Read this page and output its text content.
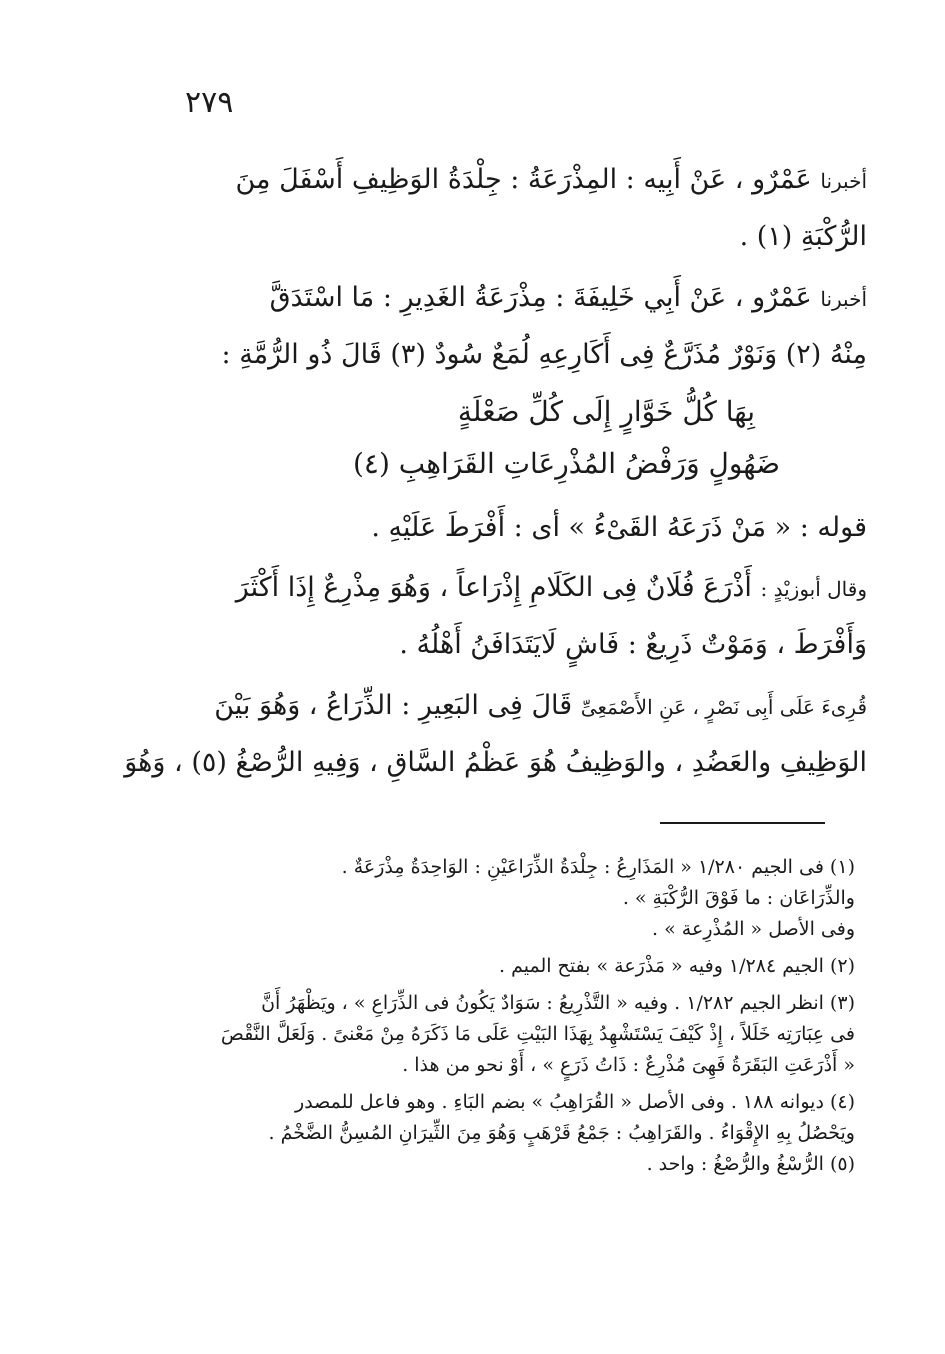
٢٧٩
أخبرنا عَمْرٌو ، عَنْ أَبِيه : المِذْرَعَةُ : جِلْدَةُ الوَظِيفِ أَسْفَلَ مِنَ
الرُّكْبَةِ (١) .
أخبرنا عَمْرٌو ، عَنْ أَبِي خَلِيفَةَ : مِذْرَعَةُ الغَدِيرِ : مَا اسْتَدَقَّ
مِنْهُ (٢) وَنَوْرٌ مُذَرَّعٌ فِى أَكَارِعِهِ لُمَعٌ سُودٌ (٣) قَالَ ذُو الرُّمَّةِ :
بِهَا كُلُّ خَوَّارٍ إِلَى كُلِّ صَعْلَةٍ
ضَهُولٍ وَرَفْضُ المُذْرِعَاتِ القَرَاهِبِ (٤)
قوله : « مَنْ ذَرَعَهُ القَىْءُ » أى : أَفْرَطَ عَلَيْهِ .
وقال أبوزيْدٍ : أَذْرَعَ فُلَانٌ فِى الكَلَامِ إِذْرَاعاً ، وَهُوَ مِذْرِعٌ إِذَا أَكْثَرَ
وَأَفْرَطَ ، وَمَوْتٌ ذَرِيعٌ : فَاشٍ لَايَتَدَافَنُ أَهْلُهُ .
قُرِىءَ عَلَى أَبِى نَصْرٍ ، عَنِ الأَصْمَعِىِّ قَالَ فِى البَعِيرِ : الذِّرَاعُ ، وَهُوَ بَيْنَ
الوَظِيفِ والعَضُدِ ، والوَظِيفُ هُوَ عَظْمُ السَّاقِ ، وَفِيهِ الرُّصْغُ (٥) ، وَهُوَ
(١) فى الجيم ١/٢٨٠ « المَذَارِعُ : جِلْدَةُ الذِّرَاعَيْنِ : الوَاحِدَةُ مِذْرَعَةٌ .
والذِّرَاعَان : ما فَوْقَ الرُّكْبَةِ » .
وفى الأصل « المُذْرِعة » .
(٢) الجيم ١/٢٨٤ وفيه « مَذْرَعة » بفتح الميم .
(٣) انظر الجيم ١/٢٨٢ . وفيه « التَّذْرِيعُ : سَوَادٌ يَكُونُ فى الذِّرَاعِ » ، ويَظْهَرُ أَنَّ
فى عِبَارَتِه خَلَلاً ، إِذْ كَيْفَ يَسْتَشْهِدُ بِهَذَا البَيْتِ عَلَى مَا ذَكَرَهُ مِنْ مَعْنىً . وَلَعَلَّ النَّقْصَ
« أَذْرَعَتِ البَقَرَةُ فَهِىَ مُذْرِعٌ : ذَاتُ ذَرَعٍ » ، أَوْ نحو من هذا .
(٤) ديوانه ١٨٨ . وفى الأصل « القُرَاهِبُ » بضم البَاءِ . وهو فاعل للمصدر
ويَحْصُلُ بِهِ الإِقْوَاءُ . والقَرَاهِبُ : جَمْعُ قَرْهَبٍ وَهُوَ مِنَ الثِّيرَانِ المُسِنُّ الضَّخْمُ .
(٥) الرُّسْغُ والرُّصْغُ : واحد .
